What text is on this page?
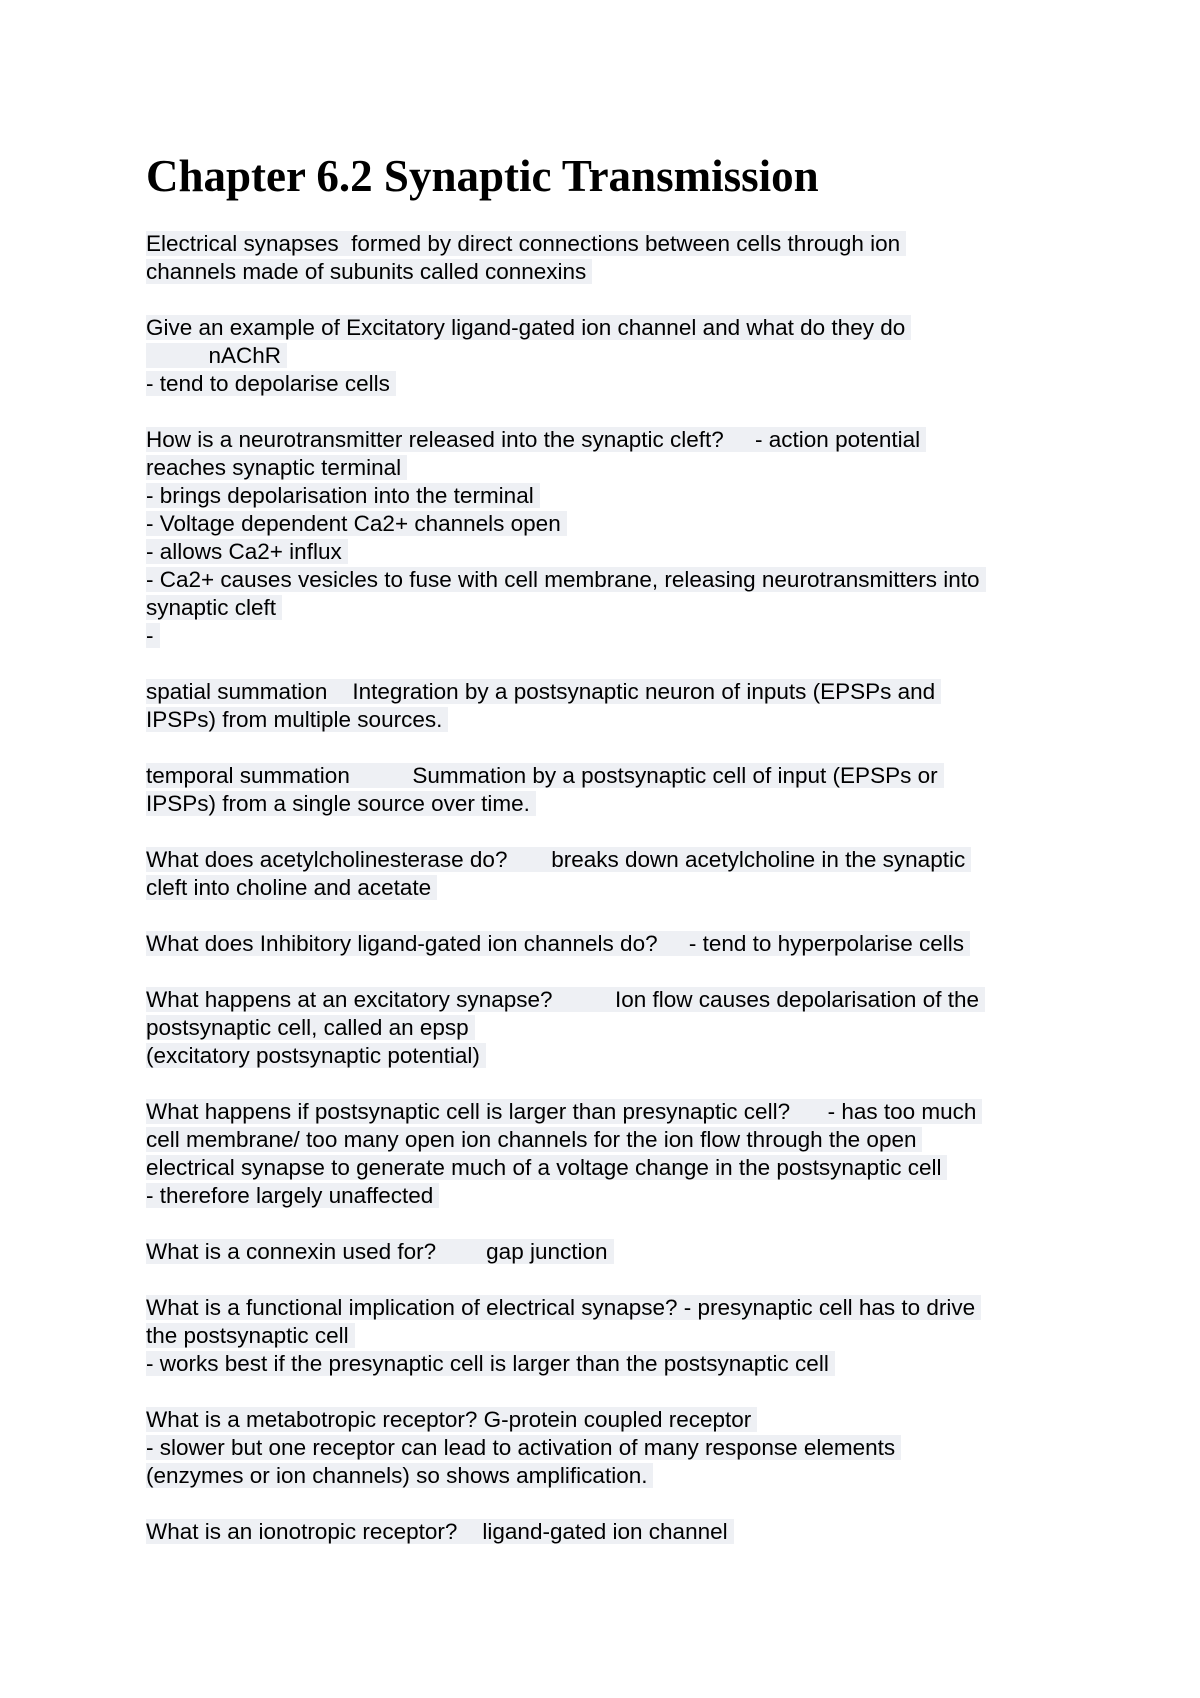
Chapter 6.2 Synaptic Transmission
Electrical synapses  formed by direct connections between cells through ion
channels made of subunits called connexins
Give an example of Excitatory ligand-gated ion channel and what do they do
nAChR
- tend to depolarise cells
How is a neurotransmitter released into the synaptic cleft?     - action potential
reaches synaptic terminal
- brings depolarisation into the terminal
- Voltage dependent Ca2+ channels open
- allows Ca2+ influx
- Ca2+ causes vesicles to fuse with cell membrane, releasing neurotransmitters into
synaptic cleft
-
spatial summation    Integration by a postsynaptic neuron of inputs (EPSPs and
IPSPs) from multiple sources.
temporal summation          Summation by a postsynaptic cell of input (EPSPs or
IPSPs) from a single source over time.
What does acetylcholinesterase do?       breaks down acetylcholine in the synaptic
cleft into choline and acetate
What does Inhibitory ligand-gated ion channels do?     - tend to hyperpolarise cells
What happens at an excitatory synapse?          Ion flow causes depolarisation of the
postsynaptic cell, called an epsp
(excitatory postsynaptic potential)
What happens if postsynaptic cell is larger than presynaptic cell?      - has too much
cell membrane/ too many open ion channels for the ion flow through the open
electrical synapse to generate much of a voltage change in the postsynaptic cell
- therefore largely unaffected
What is a connexin used for?        gap junction
What is a functional implication of electrical synapse? - presynaptic cell has to drive
the postsynaptic cell
- works best if the presynaptic cell is larger than the postsynaptic cell
What is a metabotropic receptor? G-protein coupled receptor
- slower but one receptor can lead to activation of many response elements
(enzymes or ion channels) so shows amplification.
What is an ionotropic receptor?    ligand-gated ion channel
